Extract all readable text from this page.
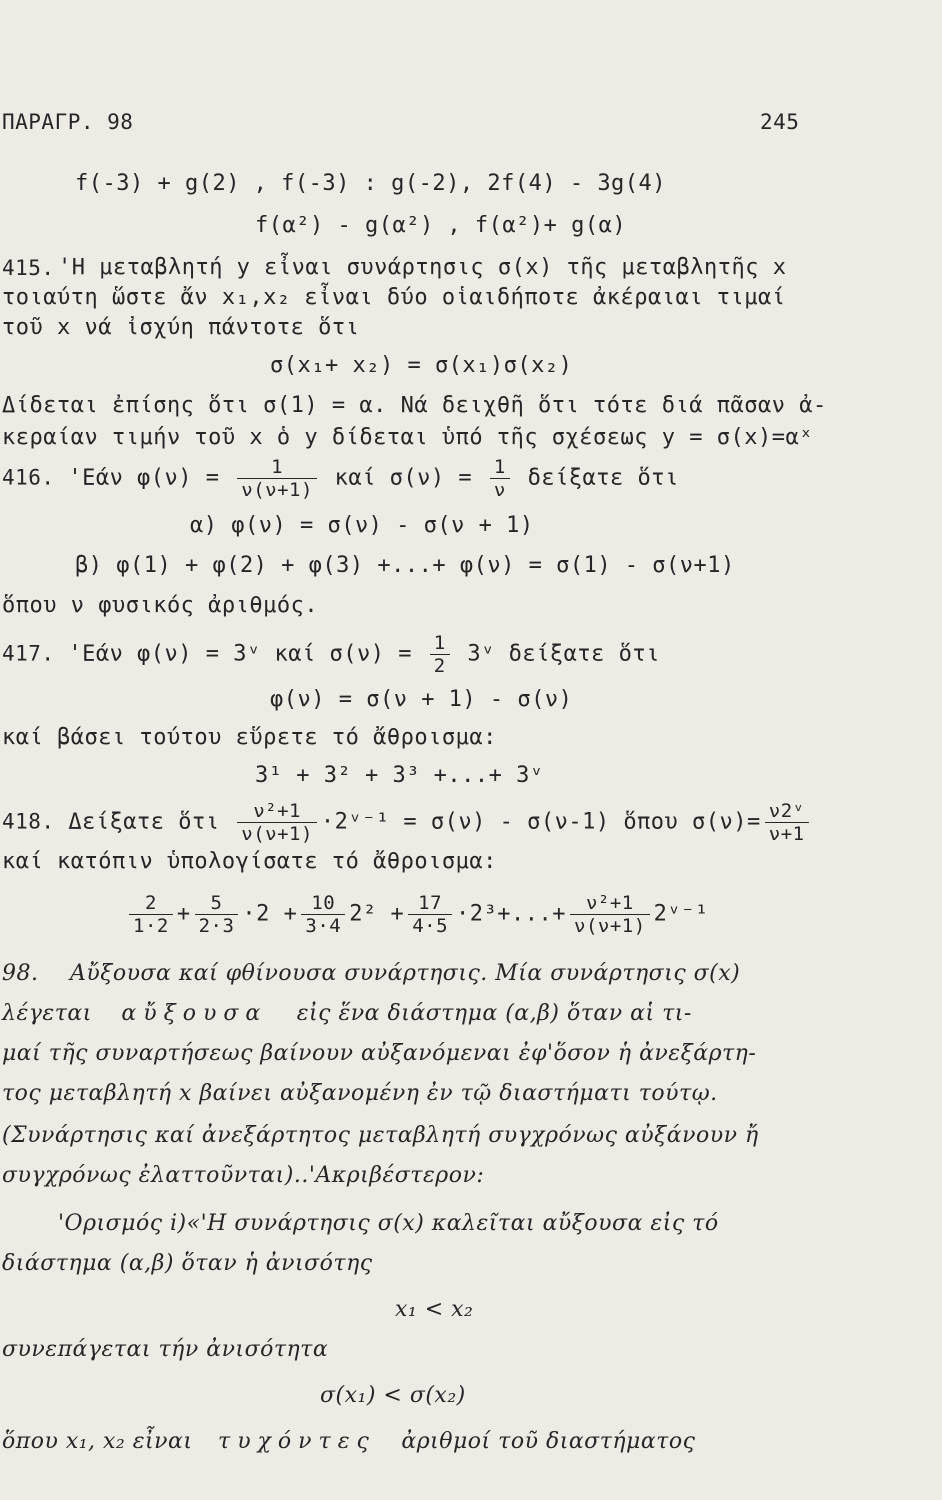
ΠΑΡΑΓΡ. 98	245
f(-3) + g(2) , f(-3) : g(-2), 2f(4) - 3g(4)
f(α²) - g(α²) , f(α²)+ g(α)
415. 'Η μεταβλητή y εἶναι συνάρτησις σ(x) τῆς μεταβλητῆς x
τοιαύτη ὥστε ἄν x₁,x₂ εἶναι δύο οἱαιδήποτε ἀκέραιαι τιμαί
τοῦ x νά ἰσχύη πάντοτε ὅτι
σ(x₁+ x₂) = σ(x₁)σ(x₂)
Δίδεται ἐπίσης ὅτι σ(1) = α. Νά δειχθῆ ὅτι τότε διά πᾶσαν ἀ-
κεραίαν τιμήν τοῦ x ὁ y δίδεται ὑπό τῆς σχέσεως y = σ(x)=αˣ
416. 'Εάν $\varphi(\nu) = \frac{1}{\nu(\nu+1)}$ καί $\sigma(\nu) = \frac{1}{\nu}$ δείξατε ὅτι
α) φ(ν) = σ(ν) - σ(ν + 1)
β) φ(1) + φ(2) + φ(3) +...+ φ(ν) = σ(1) - σ(ν+1)
ὅπου ν φυσικός ἀριθμός.
417. 'Εάν φ(ν) = 3ᵛ καί $\sigma(\nu) = \frac{1}{2}$ 3ᵛ δείξατε ὅτι
φ(ν) = σ(ν + 1) - σ(ν)
καί βάσει τούτου εὕρετε τό ἄθροισμα:
3¹ + 3² + 3³ +...+ 3ᵛ
418. Δείξατε ὅτι $\frac{\text{ν²+1}}{\nu(\nu+1)}$ ·2ᵛ⁻¹ = σ(ν) - σ(ν-1) ὅπου $\sigma(\nu)= \frac{\text{ν2ᵛ}}{\nu+1}$
καί κατόπιν ὑπολογίσατε τό ἄθροισμα:
$\frac{2}{1\cdot 2} + \frac{5}{2\cdot 3} \cdot 2 + \frac{10}{3\cdot 4} 2^2 + \frac{17}{4\cdot 5} \cdot 2^3+...+ \frac{\text{ν²+1}}{\nu(\nu+1)}$ 2ᵛ⁻¹
98. Αὔξουσα καί φθίνουσα συνάρτησις. Μία συνάρτησις σ(x)
λέγεται αὔξουσα εἰς ἕνα διάστημα (α,β) ὅταν αἱ τι-
μαί τῆς συναρτήσεως βαίνουν αὐξανόμεναι ἐφ'ὅσον ἡ ἀνεξάρτη-
τος μεταβλητή x βαίνει αὐξανομένη ἐν τῷ διαστήματι τούτῳ.
(Συνάρτησις καί ἀνεξάρτητος μεταβλητή συγχρόνως αὐξάνουν ἤ
συγχρόνως ἐλαττοῦνται)..'Ακριβέστερον:
'Ορισμός i)«'Η συνάρτησις σ(x) καλεῖται αὔξουσα εἰς τό
διάστημα (α,β) ὅταν ἡ ἀνισότης
x₁ < x₂
συνεπάγεται τήν ἀνισότητα
σ(x₁) < σ(x₂)
ὅπου x₁, x₂ εἶναι τυχόντες ἀριθμοί τοῦ διαστήματος
